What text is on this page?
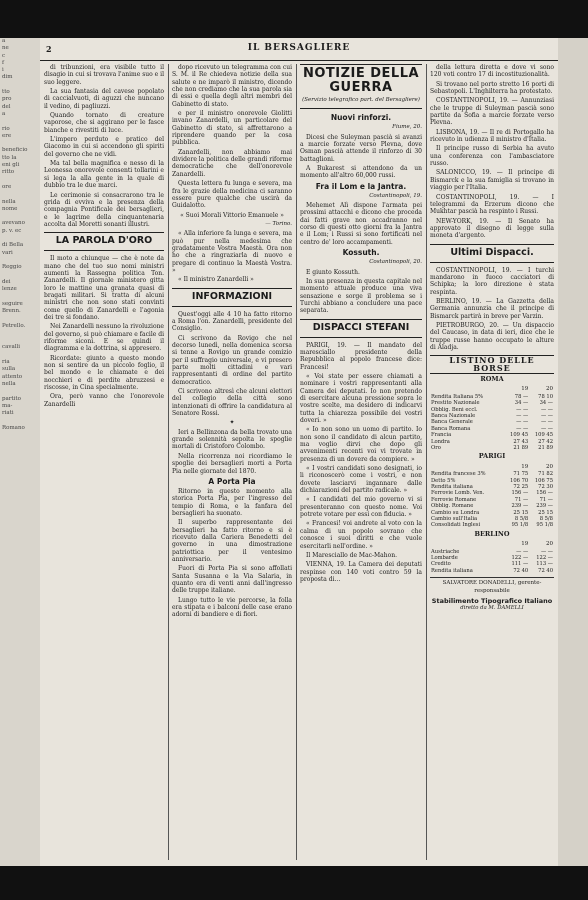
a
ne
c
f
i
dim

tto
pro
del
a

rio
ere

beneficio
tto la
eni gli
ritto

ore

nella
nome

avevano
p. v. ec

di Bella
vari

Reggio

dei
lenze

seguire
Brenn.

Petrello.

cavalli

ria
sulla
attento
nella

partito
ma-
riati

Romano

2	IL BERSAGLIERE

di tribunzioni, era visibile tutto il disagio in cui si trovava l'anime suo e il suo leggere.

La sua fantasia del cavese popolato di caccialvuoti, di aguzzi che nuncano il vedino, di pagliuzzi.

Quando tornato di creature vaporose, che si aggirano per le fasce bianche e rivestiti di luce.

L'impero perduto e pratico del Giacomo in cui si accendono gli spiriti del governo che ne vidi.

Ma tal bella magnifica e nesso di la Leonessa onorevole consenti tollarini e si lega la alla gente in la quale di dubbio tra le due marci.

Le cerimonie si consacrarono tra le grida di evviva e la presenza della compagnia Pontificale dei bersaglieri, e le lagrime della cinquantenaria accolta dal Moretti sonanti illustri.

LA PAROLA D'ORO

Il moto a chiunque — che è note da mano che del tuo suo nomi ministri aumenti la Rassegna politica Ton. Zanardelli. Il giornale ministero gitta loro le mattine una granata quasi di bragati militari. Si tratta di alcuni ministri che non sono stati convinti come quello di Zanardelli e l'agonia dei tre si fondano.

Nei Zanardelli nessuno la rivoluzione del governo, si può chiamare e facile di riforme siconi. E se quindi il diagramma e la dottrina, si appresero.

Ricordate: giunto a questo mondo non si sentire da un piccolo foglio, il bel mondo e le chiamate e dei nocchieri e di perdite abruzzesi e riscosse, in Cina specialmente.

Ora, però vanno che l'onorevole Zanardelli

dopo ricevuto un telegramma con cui S. M. il Re chiedeva notizie della sua salute e ne imparò il ministro, dicendo che non crediamo che la sua parola sia di essi e quella degli altri membri del Gabinetto di stato.

e per il ministro onorevole Giolitti invano Zanardelli, un particolare del Gabinetto di stato, si affrettarono a riprendere quando per la cosa pubblica.

Zanardelli, non abbiamo mai dividere la politica delle grandi riforme democratiche che dell'onorevole Zanardelli.

Questa lettera fu lunga e severa, ma fra le grazie della medicina ci saranno essere pure qualche che uscirà da Guidalotto.

« Suoi Morali Vittorio Emanuele »

— Torino.

« Alla inferiore fa lunga e severa, ma può pur nella medesima che gradatamente Vostra Maestà. Ora non ho che a ringraziarla di nuovo e pregare di continuo la Maestà Vostra. »

« Il ministro Zanardelli »

INFORMAZIONI

Quest'oggi alle 4 10 ha fatto ritorno a Roma l'on. Zanardelli, presidente del Consiglio.

Ci scrivono da Rovigo che nel decorso lunedì, nella domenica scorsa si tenne a Rovigo un grande comizio per il suffragio universale, e vi presero parte molti cittadini e vari rappresentanti di ordine del partito democratico.

Ci scrivono altresì che alcuni elettori del collegio della città sono intenzionati di offrire la candidatura al Senatore Rossi.

✦

Ieri a Bellinzona da bella trovato una grande solennità sepolta le spoglie mortali di Cristoforo Colombo.

Nella ricorrenza noi ricordiamo le spoglie dei bersaglieri morti a Porta Pia nelle giornate del 1870.

A Porta Pia

Ritorno in questo momento alla storica Porta Pia, per l'ingresso del tempio di Roma, e la fanfara del bersaglieri ha suonato.

Il superbo rappresentante dei bersaglieri ha fatto ritorno e si è ricevuto dalla Cariera Benedetti del governo in una dimostrazione patriottica per il ventesimo anniversario.

Fuori di Porta Pia si sono affollati Santa Susanna e la Via Salaria, in quanto era di venti anni dall'ingresso delle truppe italiane.

Lungo tutto le vie percorse, la folla era stipata e i balconi delle case erano adorni di bandiere e di fiori.

NOTIZIE DELLA GUERRA

(Servizio telegrafico part. del Bersagliere)

Nuovi rinforzi.

Fiume, 20.

Dicesi che Suleyman pascià si avanzi a marcie forzate verso Plevna, dove Osman pascià attende il rinforzo di 30 battaglioni.

A Bukarest si attendono da un momento all'altro 60,000 russi.

Fra il Lom e la Jantra.

Costantinopoli, 19.

Mehemet Alì dispone l'armata pei prossimi attacchi e dicono che proceda dai fatti grave non accadranno nel corso di questi otto giorni fra la Jantra e il Lom; i Russi si sono fortificati nel centro de' loro accampamenti.

Kossuth.

Costantinopoli, 20.

E giunto Kossuth.

In sua presenza in questa capitale nel momento attuale produce una viva sensazione e sorge il problema se i Turchi abbiano a concludere una pace separata.

DISPACCI STEFANI

PARIGI, 19. — Il mandato del maresciallo presidente della Repubblica al popolo francese dice: Francesi!

« Voi state per essere chiamati a nominare i vostri rappresentanti alla Camera dei deputati. Io non pretendo di esercitare alcuna pressione sopra le vostre scelte, ma desidero di indicarvi tutta la chiarezza possibile dei vostri doveri. »

« Io non sono un uomo di partito. Io non sono il candidato di alcun partito, ma voglio dirvi che dopo gli avvenimenti recenti voi vi trovate in presenza di un dovere da compiere. »

« I vostri candidati sono designati, io li riconoscerò come i vostri, e non dovete lasciarvi ingannare dalle dichiarazioni del partito radicale. »

« I candidati del mio governo vi si presenteranno con questo nome. Voi potrete votare per essi con fiducia. »

« Francesi! voi andrete al voto con la calma di un popolo sovrano che conosce i suoi diritti e che vuole esercitarli nell'ordine. »

Il Maresciallo de Mac-Mahon.

VIENNA, 19. La Camera dei deputati respinse con 140 voti contro 59 la proposta di...

della lettura diretta e dove vi sono 120 voti contro 17 di incostituzionalità.

Si trovano nel porto stretto 16 porti di Sebastopoli. L'Inghilterra ha protestato.

COSTANTINOPOLI, 19. — Annunziasi che le truppe di Suleyman pascià sono partite da Sofia a marcie forzate verso Plevna.

LISBONA, 19. — Il re di Portogallo ha ricevuto in udienza il ministro d'Italia.

Il principe russo di Serbia ha avuto una conferenza con l'ambasciatore russo.

SALONICCO, 19. — Il principe di Bismarck e la sua famiglia si trovano in viaggio per l'Italia.

COSTANTINOPOLI, 19. — I telegrammi da Erzerum dicono che Mukhtar pascià ha respinto i Russi.

NEW-YORK, 19. — Il Senato ha approvato il disegno di legge sulla moneta d'argento.

Ultimi Dispacci.

COSTANTINOPOLI, 19. — I turchi mandarono in fuoco cacciatori di Schipka; la loro direzione è stata respinta.

BERLINO, 19. — La Gazzetta della Germania annunzia che il principe di Bismarck partirà in breve per Varzin.

PIETROBURGO, 20. — Un dispaccio del Caucaso, in data di ieri, dice che le truppe russe hanno occupato le alture di Aladja.

LISTINO DELLE BORSE
ROMA
	19	20
Rendita Italiana 5%	78 —	78 10
Prestito Nazionale	34 —	34 —
Obblig. Beni eccl.	— —	— —
Banca Nazionale	— —	— —
Banca Generale	— —	— —
Banca Romana	— —	— —
Francia	109 45	109 45
Londra	27 43	27 42
Oro	21 89	21 89
PARIGI
	19	20
Rendita francese 3%	71 75	71 82
Detto 5%	106 70	106 75
Rendita italiana	72 25	72 30
Ferrovie Lomb. Ven.	156 —	156 —
Ferrovie Romane	71 —	71 —
Obblig. Romane	239 —	239 —
Cambio su Londra	25 15	25 15
Cambio sull'Italia	8 5/8	8 5/8
Consolidati Inglesi	95 1/8	95 1/8
BERLINO
	19	20
Austriache	— —	— —
Lombarde	122 —	122 —
Credito	111 —	113 —
Rendita italiana	72 40	72 40
SALVATORE DONADELLI, gerente-responsabile
Stabilimento Tipografico Italiano
diretto da M. DAMELLI
